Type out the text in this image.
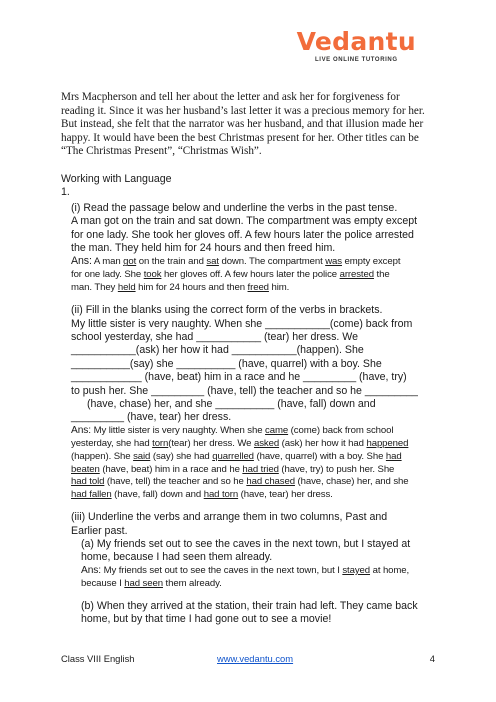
Vedantu
LIVE ONLINE TUTORING

Mrs Macpherson and tell her about the letter and ask her for forgiveness for

reading it. Since it was her husband’s last letter it was a precious memory for her.

But instead, she felt that the narrator was her husband, and that illusion made her

happy. It would have been the best Christmas present for her. Other titles can be

“The Christmas Present”, “Christmas Wish”.

Working with Language
1.
(i) Read the passage below and underline the verbs in the past tense.
A man got on the train and sat down. The compartment was empty except
for one lady. She took her gloves off. A few hours later the police arrested
the man. They held him for 24 hours and then freed him.
Ans: A man got on the train and sat down. The compartment was empty except
for one lady. She took her gloves off. A few hours later the police arrested the
man. They held him for 24 hours and then freed him.
(ii) Fill in the blanks using the correct form of the verbs in brackets.
My little sister is very naughty. When she ___________(come) back from
school yesterday, she had ___________ (tear) her dress. We
___________(ask) her how it had ___________(happen). She
__________(say) she __________ (have, quarrel) with a boy. She
____________ (have, beat) him in a race and he _________ (have, try)
to push her. She _________ (have, tell) the teacher and so he _________
(have, chase) her, and she __________ (have, fall) down and
_________ (have, tear) her dress.
Ans: My little sister is very naughty. When she came (come) back from school
yesterday, she had torn(tear) her dress. We asked (ask) her how it had happened
(happen). She said (say) she had quarrelled (have, quarrel) with a boy. She had
beaten (have, beat) him in a race and he had tried (have, try) to push her. She
had told (have, tell) the teacher and so he had chased (have, chase) her, and she
had fallen (have, fall) down and had torn (have, tear) her dress.
(iii) Underline the verbs and arrange them in two columns, Past and
Earlier past.
(a) My friends set out to see the caves in the next town, but I stayed at
home, because I had seen them already.
Ans: My friends set out to see the caves in the next town, but I stayed at home,
because I had seen them already.
(b) When they arrived at the station, their train had left. They came back
home, but by that time I had gone out to see a movie!
Class VIII English	www.vedantu.com	4
